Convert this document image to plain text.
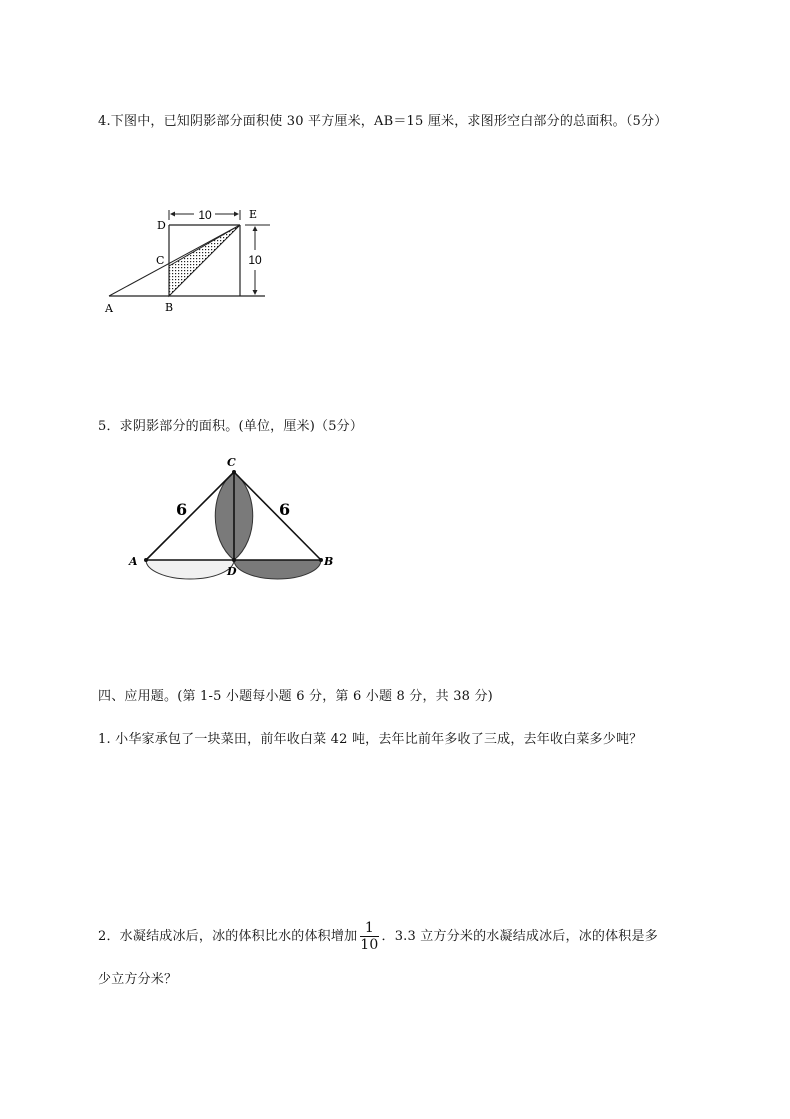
4.下图中，已知阴影部分面积使 30 平方厘米，AB＝15 厘米，求图形空白部分的总面积。（5分）
10
10
D
E
C
A	B
5．求阴影部分的面积。(单位，厘米)（5分）
C
A
D
B
6	6
四、应用题。(第 1-5 小题每小题 6 分，第 6 小题 8 分，共 38 分)
1. 小华家承包了一块菜田，前年收白菜 42 吨，去年比前年多收了三成，去年收白菜多少吨？
2．水凝结成冰后，冰的体积比水的体积增加 $\frac{1}{10}$ ．3.3 立方分米的水凝结成冰后，冰的体积是多
少立方分米？
